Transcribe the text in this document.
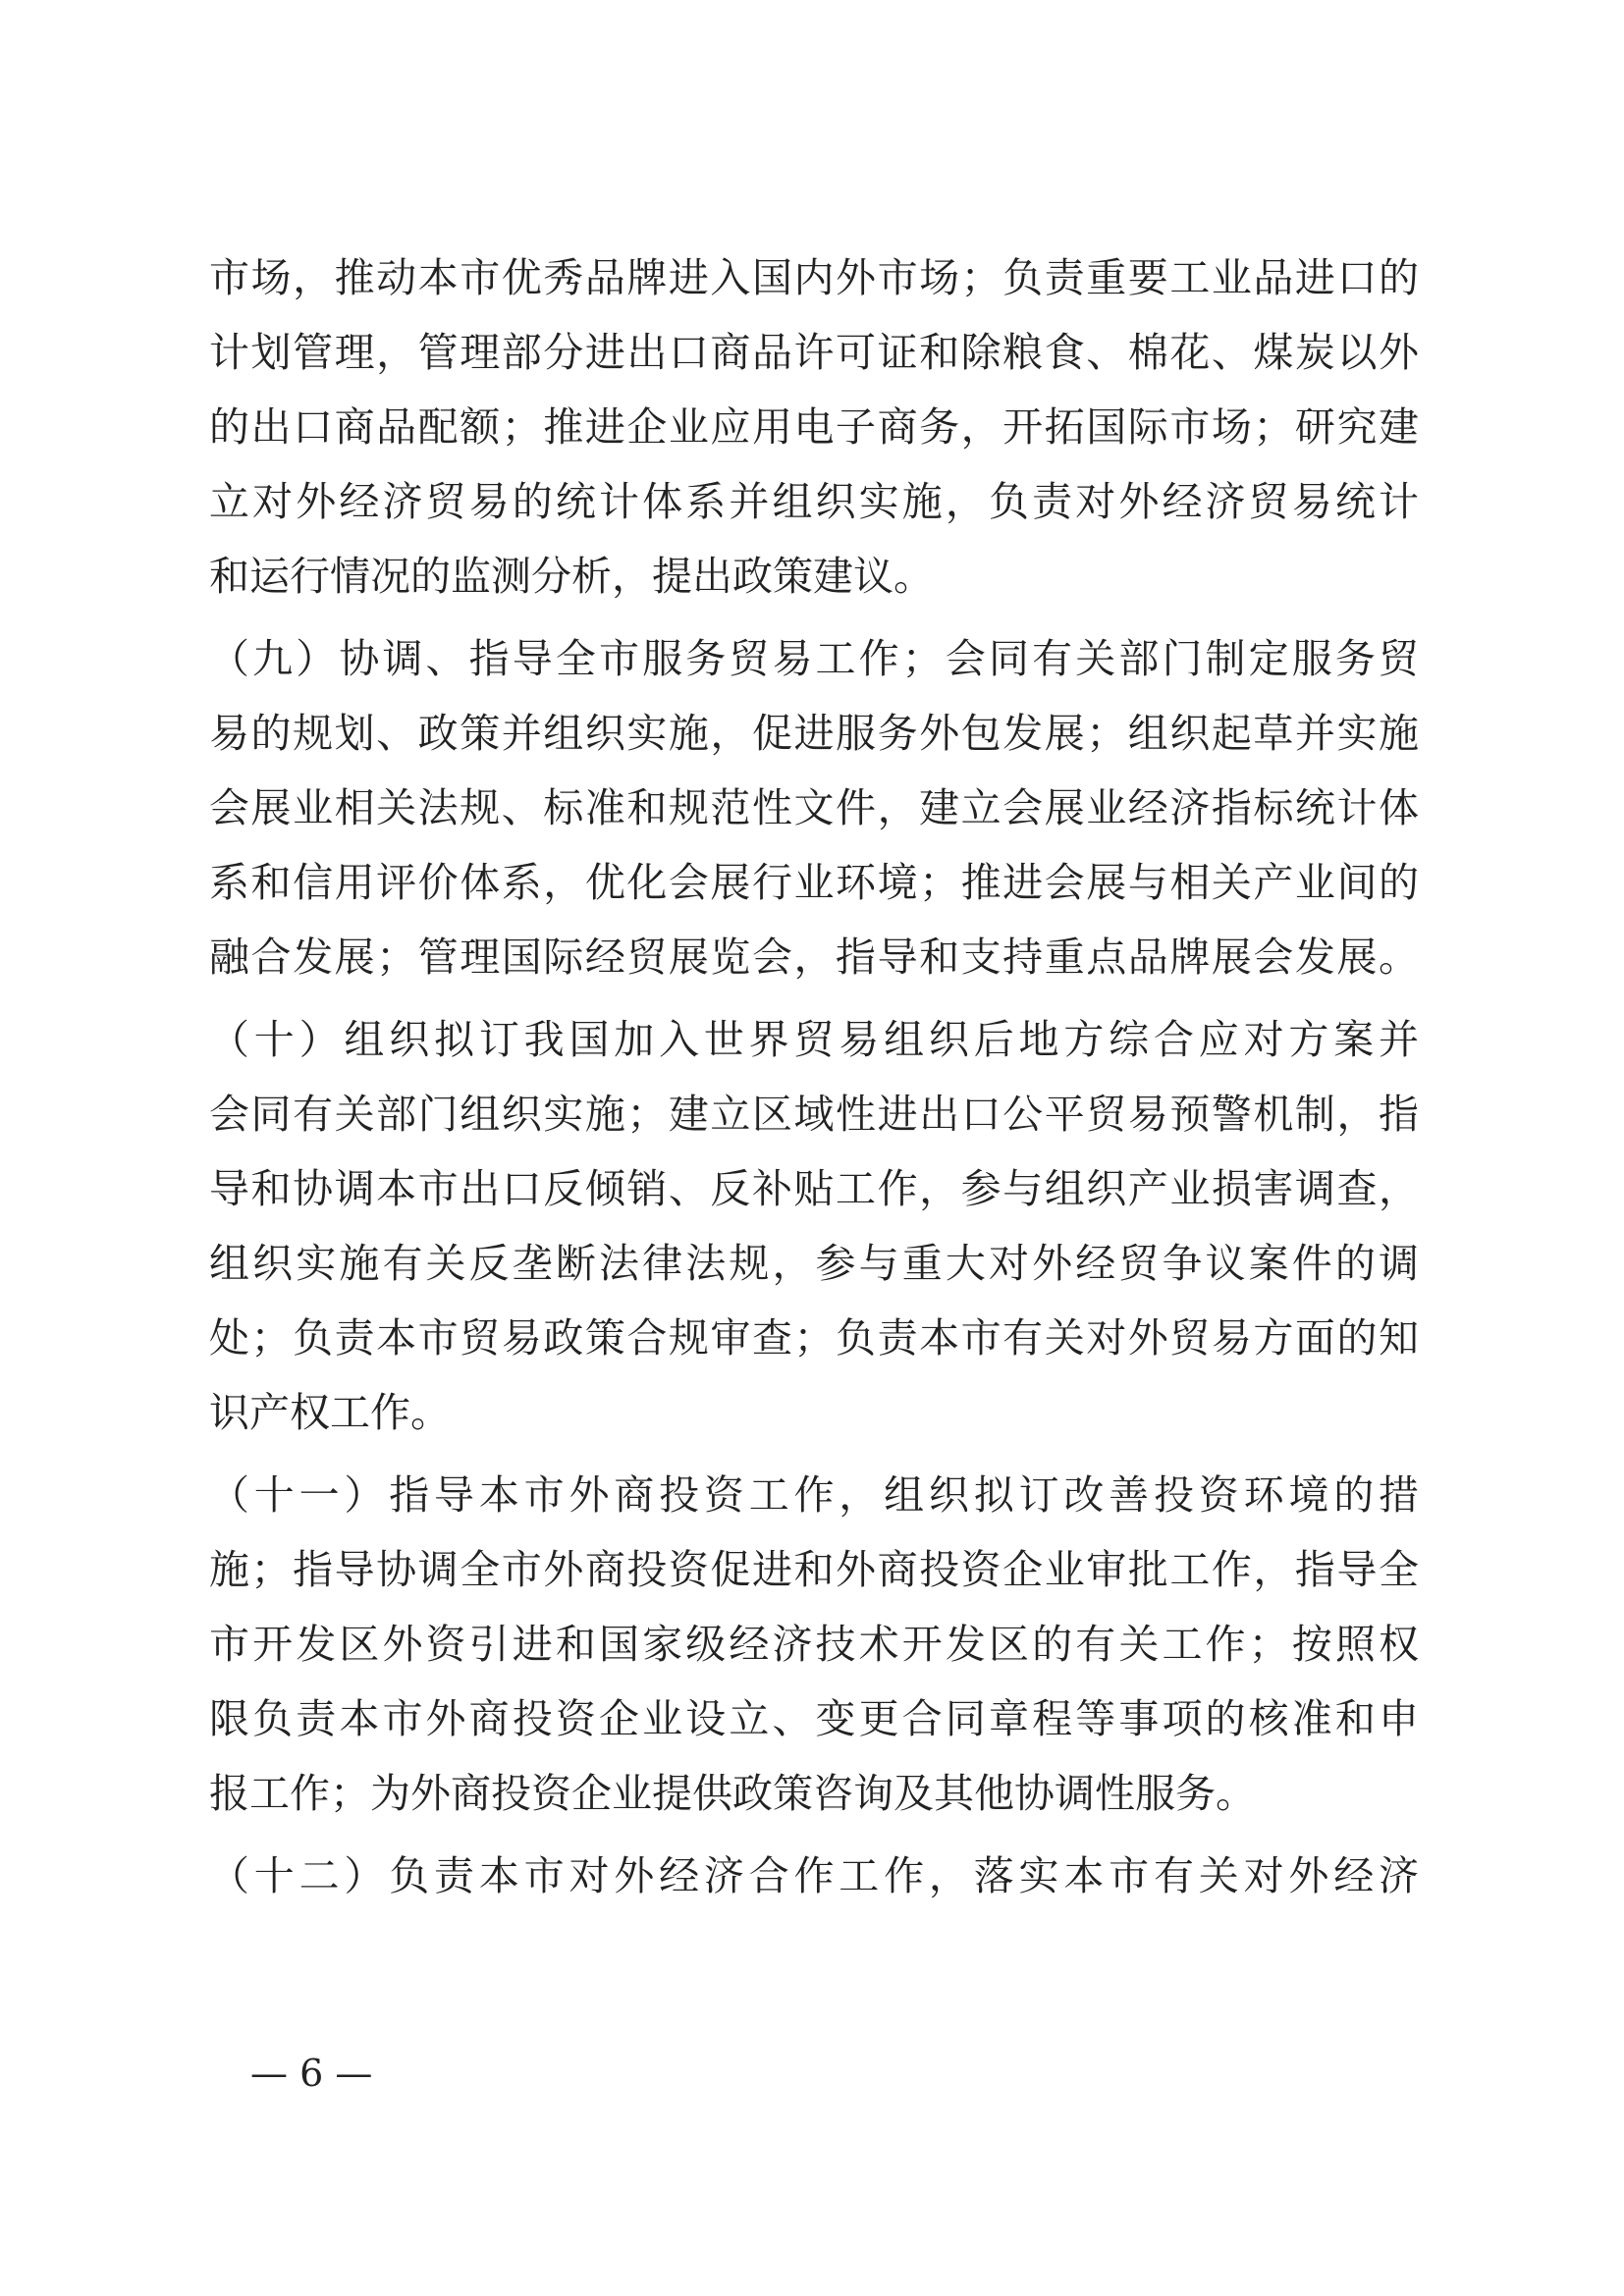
市场，推动本市优秀品牌进入国内外市场；负责重要工业品进口的
计划管理，管理部分进出口商品许可证和除粮食、棉花、煤炭以外
的出口商品配额；推进企业应用电子商务，开拓国际市场；研究建
立对外经济贸易的统计体系并组织实施，负责对外经济贸易统计
和运行情况的监测分析，提出政策建议。
（九）协调、指导全市服务贸易工作；会同有关部门制定服务贸
易的规划、政策并组织实施，促进服务外包发展；组织起草并实施
会展业相关法规、标准和规范性文件，建立会展业经济指标统计体
系和信用评价体系，优化会展行业环境；推进会展与相关产业间的
融合发展；管理国际经贸展览会，指导和支持重点品牌展会发展。
（十）组织拟订我国加入世界贸易组织后地方综合应对方案并
会同有关部门组织实施；建立区域性进出口公平贸易预警机制，指
导和协调本市出口反倾销、反补贴工作，参与组织产业损害调查，
组织实施有关反垄断法律法规，参与重大对外经贸争议案件的调
处；负责本市贸易政策合规审查；负责本市有关对外贸易方面的知
识产权工作。
（十一）指导本市外商投资工作，组织拟订改善投资环境的措
施；指导协调全市外商投资促进和外商投资企业审批工作，指导全
市开发区外资引进和国家级经济技术开发区的有关工作；按照权
限负责本市外商投资企业设立、变更合同章程等事项的核准和申
报工作；为外商投资企业提供政策咨询及其他协调性服务。
（十二）负责本市对外经济合作工作，落实本市有关对外经济
— 6 —
